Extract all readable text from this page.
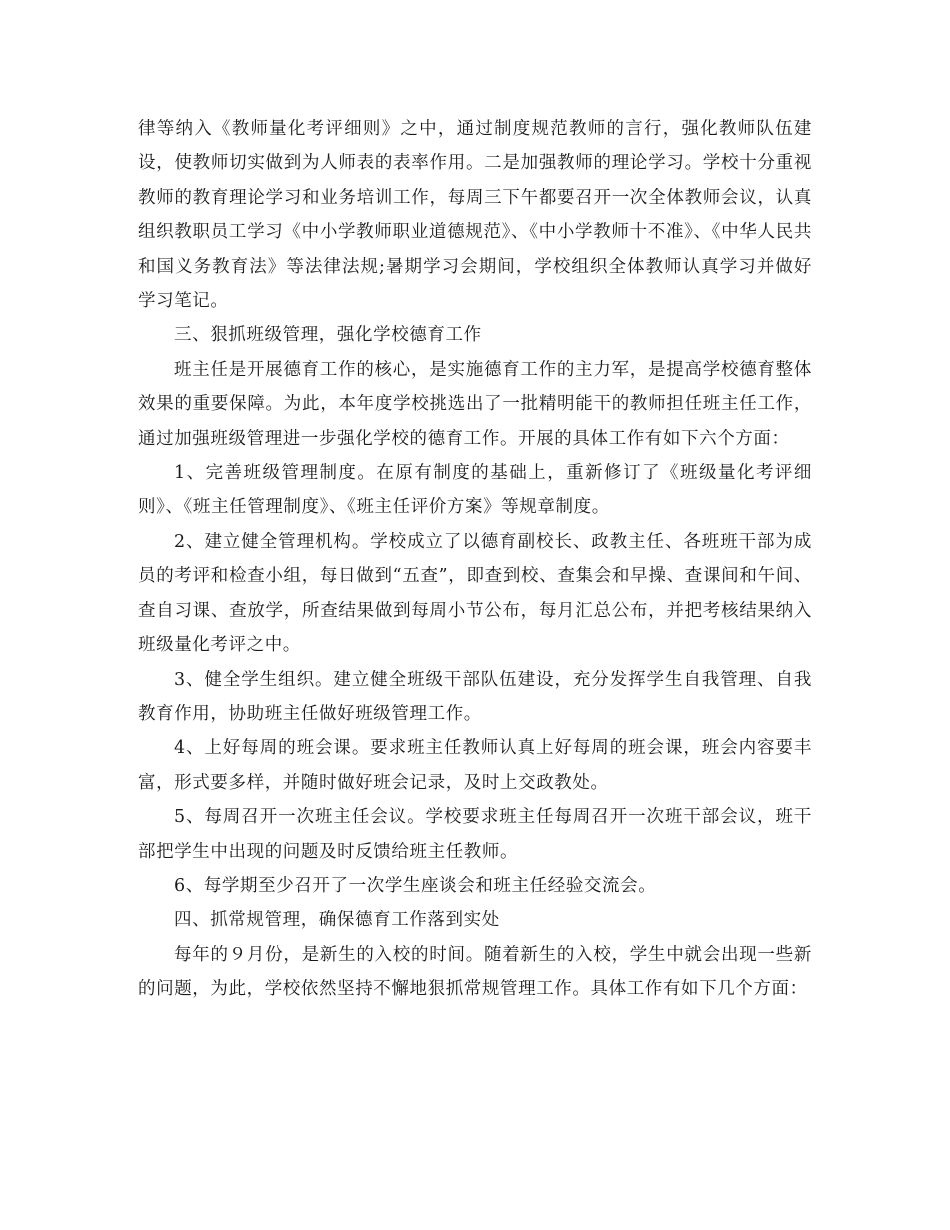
律等纳入《教师量化考评细则》之中，通过制度规范教师的言行，强化教师队伍建设，使教师切实做到为人师表的表率作用。二是加强教师的理论学习。学校十分重视教师的教育理论学习和业务培训工作，每周三下午都要召开一次全体教师会议，认真组织教职员工学习《中小学教师职业道德规范》、《中小学教师十不准》、《中华人民共和国义务教育法》等法律法规;暑期学习会期间，学校组织全体教师认真学习并做好学习笔记。

三、狠抓班级管理，强化学校德育工作

班主任是开展德育工作的核心，是实施德育工作的主力军，是提高学校德育整体效果的重要保障。为此，本年度学校挑选出了一批精明能干的教师担任班主任工作，通过加强班级管理进一步强化学校的德育工作。开展的具体工作有如下六个方面：

1、完善班级管理制度。在原有制度的基础上，重新修订了《班级量化考评细则》、《班主任管理制度》、《班主任评价方案》等规章制度。

2、建立健全管理机构。学校成立了以德育副校长、政教主任、各班班干部为成员的考评和检查小组，每日做到“五查”，即查到校、查集会和早操、查课间和午间、查自习课、查放学，所查结果做到每周小节公布，每月汇总公布，并把考核结果纳入班级量化考评之中。

3、健全学生组织。建立健全班级干部队伍建设，充分发挥学生自我管理、自我教育作用，协助班主任做好班级管理工作。

4、上好每周的班会课。要求班主任教师认真上好每周的班会课，班会内容要丰富，形式要多样，并随时做好班会记录，及时上交政教处。

5、每周召开一次班主任会议。学校要求班主任每周召开一次班干部会议，班干部把学生中出现的问题及时反馈给班主任教师。

6、每学期至少召开了一次学生座谈会和班主任经验交流会。

四、抓常规管理，确保德育工作落到实处

每年的９月份，是新生的入校的时间。随着新生的入校，学生中就会出现一些新的问题，为此，学校依然坚持不懈地狠抓常规管理工作。具体工作有如下几个方面：
